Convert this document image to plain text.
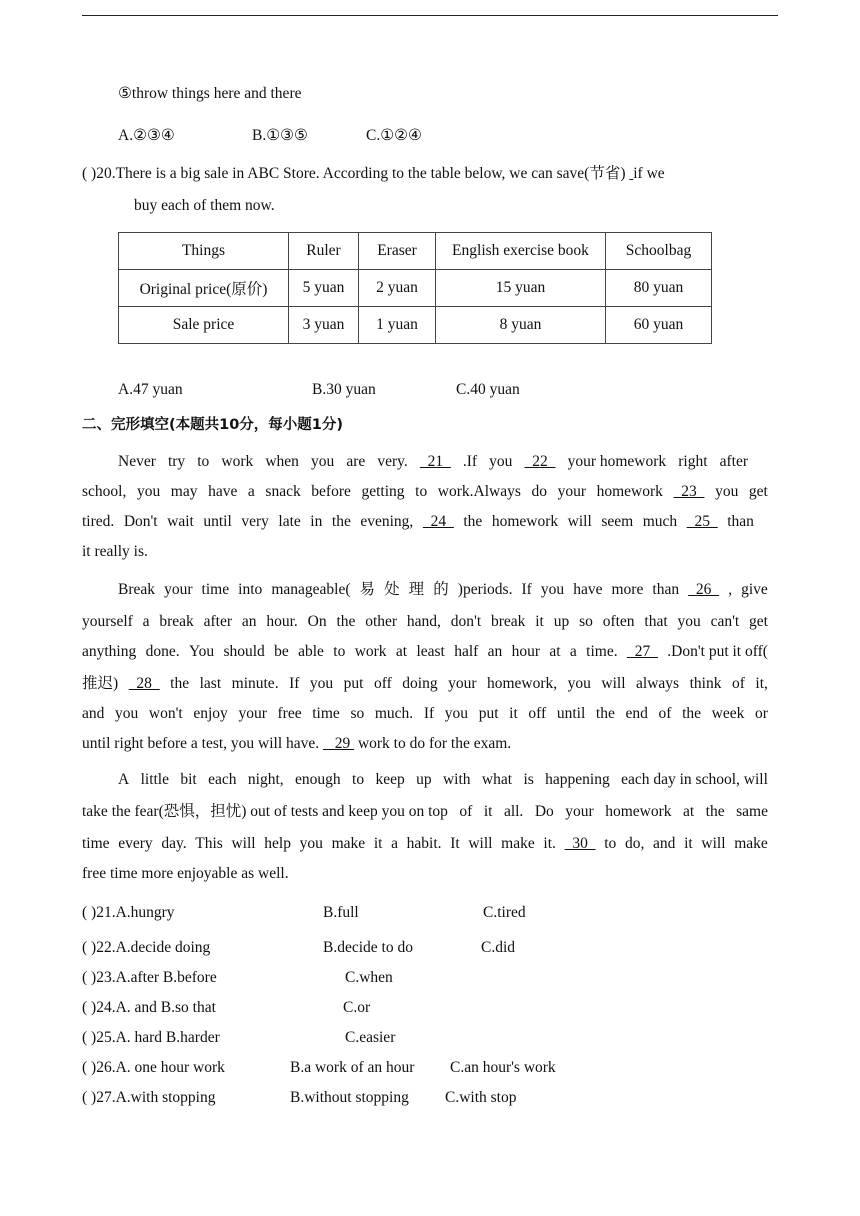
⑤throw things here and there
A.②③④	B.①③⑤	C.①②④
( )20.There is a big sale in ABC Store. According to the table below, we can save(节省) if we
buy each of them now.
Things	Ruler	Eraser	English exercise book	Schoolbag
Original price(原价)	5 yuan	2 yuan	15 yuan	80 yuan
Sale price	3 yuan	1 yuan	8 yuan	60 yuan
A.47 yuan	B.30 yuan	C.40 yuan
二、完形填空(本题共10分，每小题1分)
Never try to work when you are very. 21 .If you 22 your homework right after
school, you may have a snack before getting to work.Always do your homework 23 you get
tired. Don't wait until very late in the evening, 24 the homework will seem much 25 than
it really is.
Break your time into manageable( 易 处 理 的 )periods. If you have more than 26 , give
yourself a break after an hour. On the other hand, don't break it up so often that you can't get
anything done. You should be able to work at least half an hour at a time. 27 .Don't put it off(
推迟) 28 the last minute. If you put off doing your homework, you will always think of it,
and you won't enjoy your free time so much. If you put it off until the end of the week or
until right before a test, you will have.    29  work to do for the exam.
A little bit each night, enough to keep up with what is happening each day in school, will
take the fear(恐惧，担忧) out of tests and keep you on top of it all. Do your homework at the same
time every day. This will help you make it a habit. It will make it. 30 to do, and it will make
free time more enjoyable as well.
( )21.A.hungry	B.full	C.tired
( )22.A.decide doing	B.decide to do	C.did
( )23.A.after B.before	C.when
( )24.A. and B.so that	C.or
( )25.A. hard B.harder	C.easier
( )26.A. one hour work	B.a work of an hour C.an hour's work
( )27.A.with stopping	B.without stopping C.with stop
